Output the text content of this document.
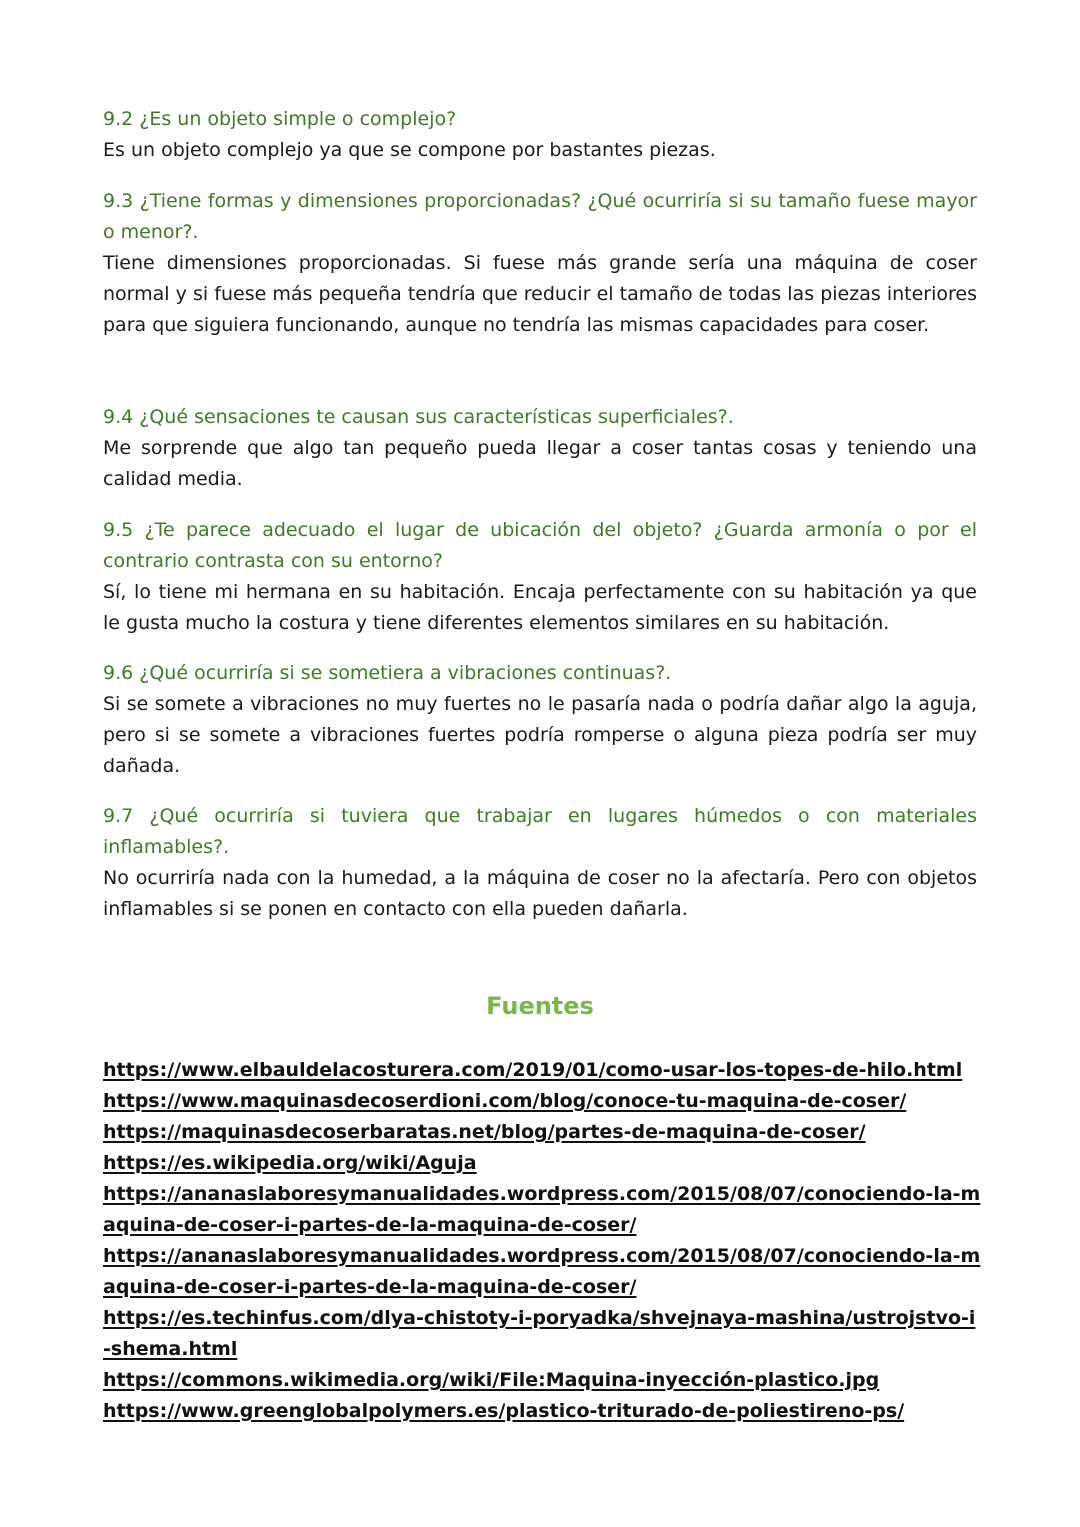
9.2 ¿Es un objeto simple o complejo?

Es un objeto complejo ya que se compone por bastantes piezas.

9.3 ¿Tiene formas y dimensiones proporcionadas? ¿Qué ocurriría si su tamaño fuese mayor o menor?.

Tiene dimensiones proporcionadas. Si fuese más grande sería una máquina de coser normal y si fuese más pequeña tendría que reducir el tamaño de todas las piezas interiores para que siguiera funcionando, aunque no tendría las mismas capacidades para coser.

9.4 ¿Qué sensaciones te causan sus características superficiales?.

Me sorprende que algo tan pequeño pueda llegar a coser tantas cosas y teniendo una calidad media.

9.5 ¿Te parece adecuado el lugar de ubicación del objeto? ¿Guarda armonía o por el contrario contrasta con su entorno?

Sí, lo tiene mi hermana en su habitación. Encaja perfectamente con su habitación ya que le gusta mucho la costura y tiene diferentes elementos similares en su habitación.

9.6 ¿Qué ocurriría si se sometiera a vibraciones continuas?.

Si se somete a vibraciones no muy fuertes no le pasaría nada o podría dañar algo la aguja, pero si se somete a vibraciones fuertes podría romperse o alguna pieza podría ser muy dañada.

9.7 ¿Qué ocurriría si tuviera que trabajar en lugares húmedos o con materiales inflamables?.

No ocurriría nada con la humedad, a la máquina de coser no la afectaría. Pero con objetos inflamables si se ponen en contacto con ella pueden dañarla.

Fuentes
https://www.elbauldelacosturera.com/2019/01/como-usar-los-topes-de-hilo.html
https://www.maquinasdecoserdioni.com/blog/conoce-tu-maquina-de-coser/
https://maquinasdecoserbaratas.net/blog/partes-de-maquina-de-coser/
https://es.wikipedia.org/wiki/Aguja
https://ananaslaboresymanualidades.wordpress.com/2015/08/07/conociendo-la-maquina-de-coser-i-partes-de-la-maquina-de-coser/
https://ananaslaboresymanualidades.wordpress.com/2015/08/07/conociendo-la-maquina-de-coser-i-partes-de-la-maquina-de-coser/
https://es.techinfus.com/dlya-chistoty-i-poryadka/shvejnaya-mashina/ustrojstvo-i-shema.html
https://commons.wikimedia.org/wiki/File:Maquina-inyección-plastico.jpg
https://www.greenglobalpolymers.es/plastico-triturado-de-poliestireno-ps/
